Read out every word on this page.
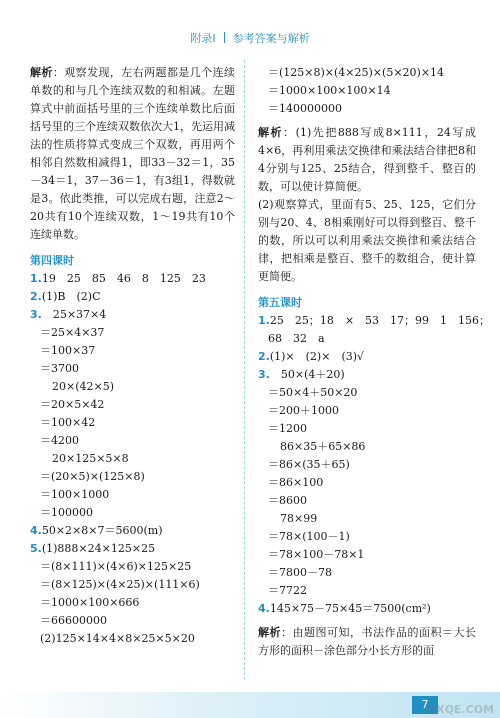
附录Ⅰ 参考答案与解析
解析：观察发现，左右两题都是几个连续单数的和与几个连续双数的和相减。左题算式中前面括号里的三个连续单数比后面括号里的三个连续双数依次大1，先运用减法的性质将算式变成三个双数，再用两个相邻自然数相减得1，即33－32＝1，35－34＝1，37－36＝1，有3组1，得数就是3。依此类推，可以完成右题，注意2～20共有10个连续双数，1～19共有10个连续单数。
第四课时
1.19　25　85　46　8　125　23
2.(1)B　(2)C
3.　25×37×4
＝25×4×37
＝100×37
＝3700
20×(42×5)
＝20×5×42
＝100×42
＝4200
20×125×5×8
＝(20×5)×(125×8)
＝100×1000
＝100000
4.50×2×8×7＝5600(m)
5.(1)888×24×125×25
＝(8×111)×(4×6)×125×25
＝(8×125)×(4×25)×(111×6)
＝1000×100×666
＝66600000
(2)125×14×4×8×25×5×20
＝(125×8)×(4×25)×(5×20)×14
＝1000×100×100×14
＝140000000
解析：(1)先把888写成8×111，24写成4×6，再利用乘法交换律和乘法结合律把8和4分别与125、25结合，得到整千、整百的数，可以使计算简便。
(2)观察算式，里面有5、25、125，它们分别与20、4、8相乘刚好可以得到整百、整千的数，所以可以利用乘法交换律和乘法结合律，把相乘是整百、整千的数组合，使计算更简便。
第五课时
1.25　25；18　×　53　17；99　1　156；
68　32　a
2.(1)×　(2)×　(3)√
3.　50×(4＋20)
＝50×4＋50×20
＝200＋1000
＝1200
86×35＋65×86
＝86×(35＋65)
＝86×100
＝8600
78×99
＝78×(100－1)
＝78×100－78×1
＝7800－78
＝7722
4.145×75－75×45＝7500(cm²)
解析：由题图可知，书法作品的面积＝大长方形的面积－涂色部分小长方形的面
7
MXQE.COM
